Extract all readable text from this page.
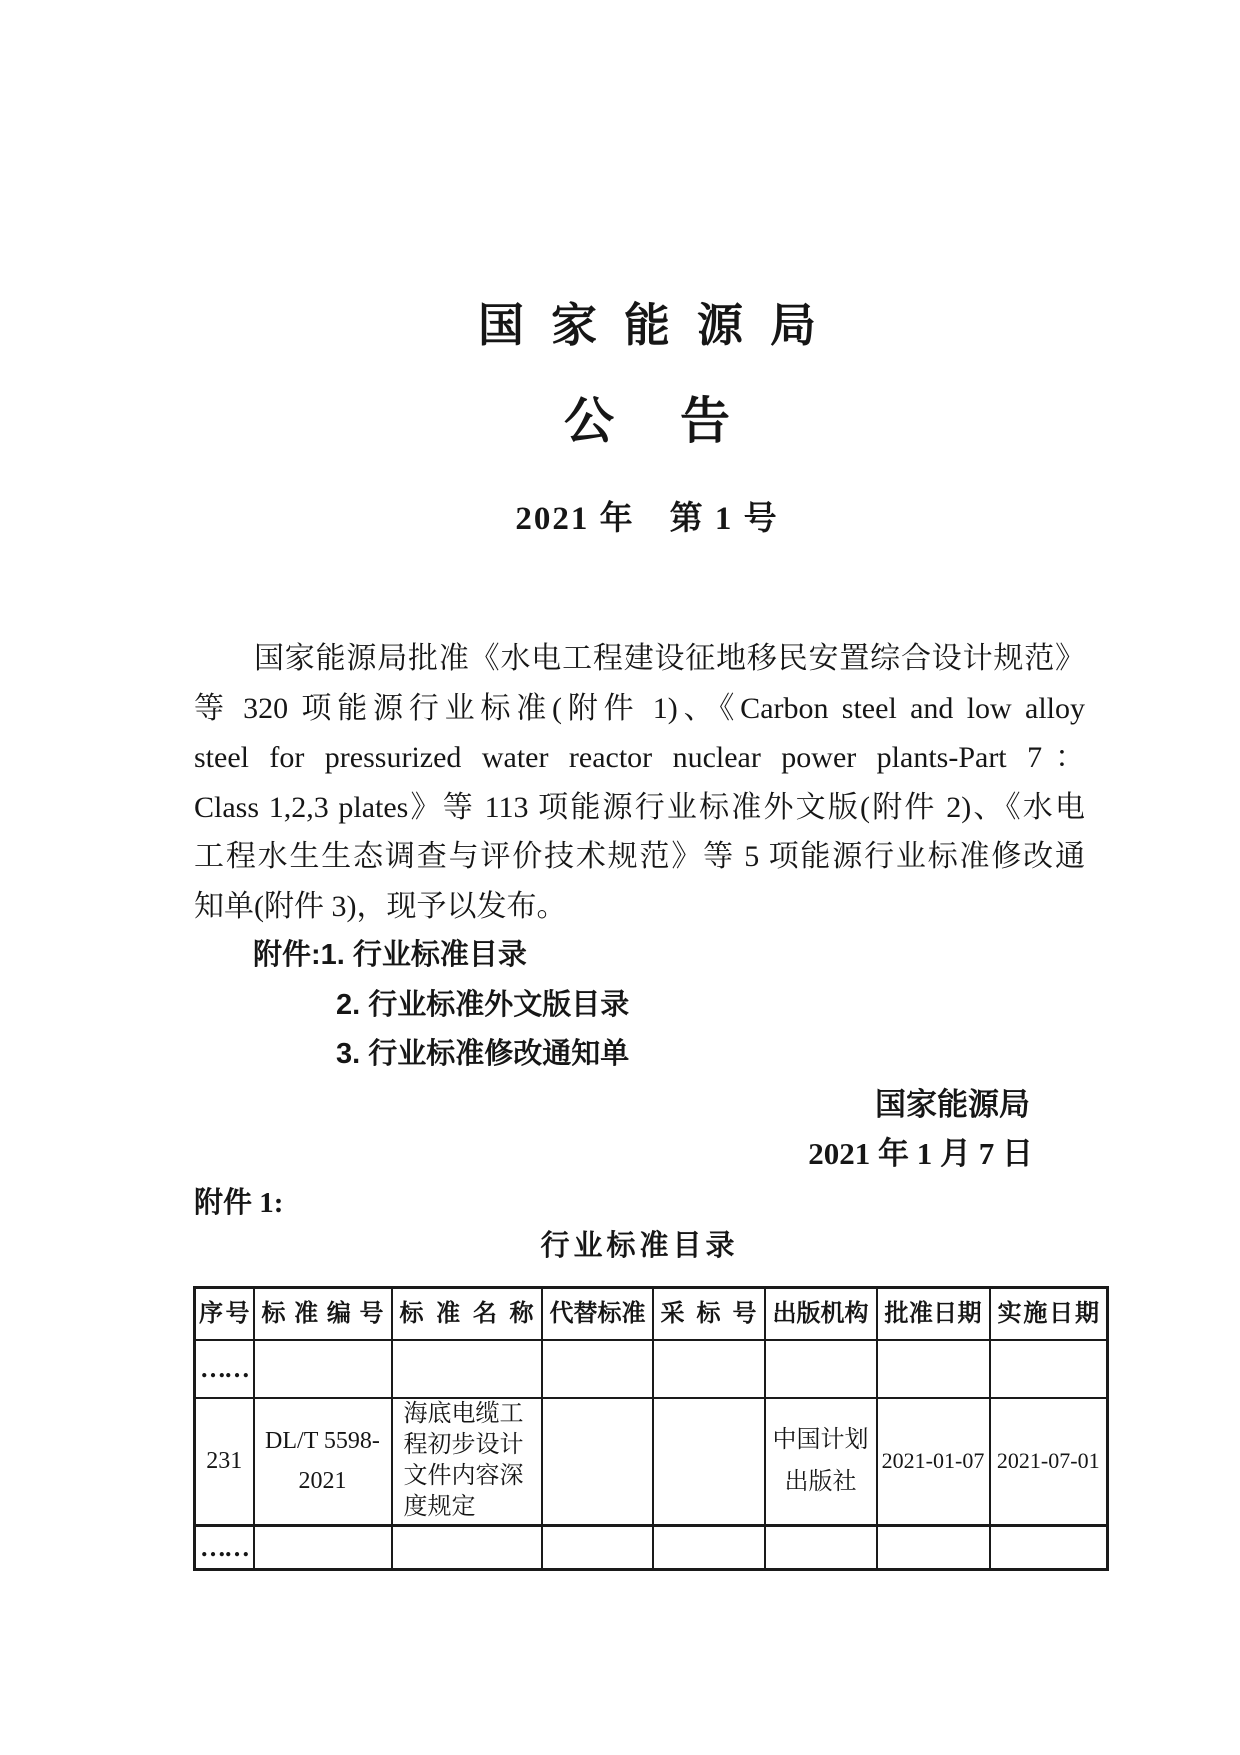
国家能源局
公告
2021 年　第 1 号
国家能源局批准《水电工程建设征地移民安置综合设计规范》
等 320 项能源行业标准(附件 1)、《Carbon steel and low alloy
steel for pressurized water reactor nuclear power plants-Part 7：
Class 1,2,3 plates》等 113 项能源行业标准外文版(附件 2)、《水电
工程水生生态调查与评价技术规范》等 5 项能源行业标准修改通
知单(附件 3)，现予以发布。
附件:1. 行业标准目录
2. 行业标准外文版目录
3. 行业标准修改通知单
国家能源局
2021 年 1 月 7 日
附件 1:
行业标准目录
序号	标准编号	标准名称	代替标准	采标号	出版机构	批准日期	实施日期
……							
231	DL/T 5598-2021	海底电缆工程初步设计文件内容深度规定			中国计划出版社	2021-01-07	2021-07-01
……							
